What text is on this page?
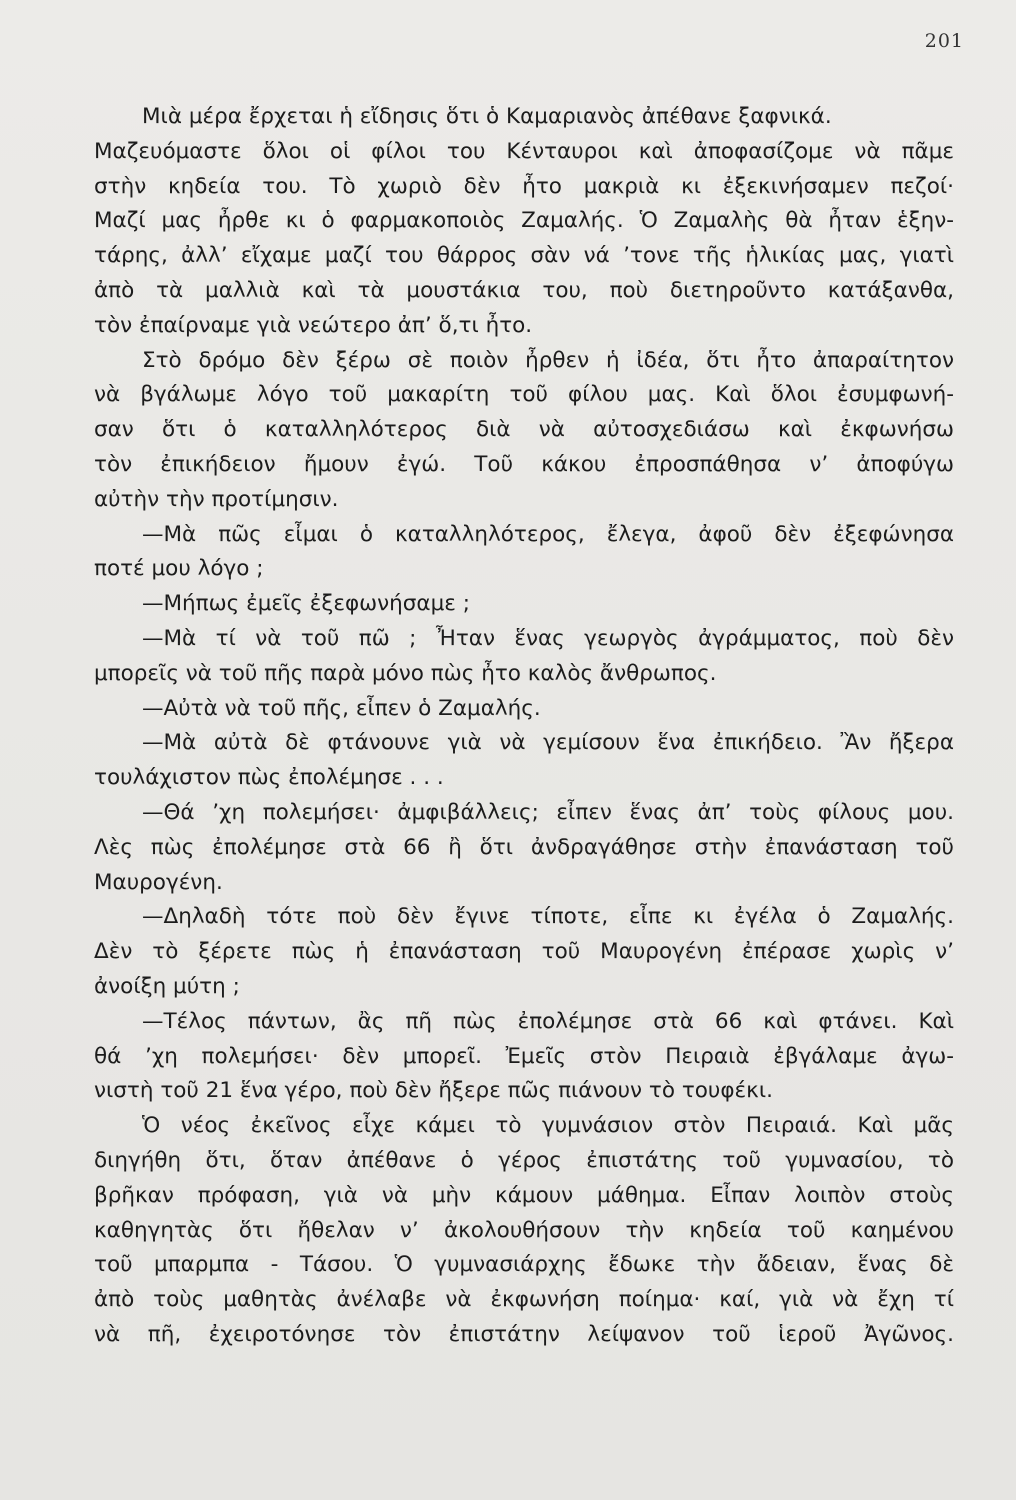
201
Μιὰ μέρα ἔρχεται ἡ εἴδησις ὅτι ὁ Καμαριανὸς ἀπέθανε ξαφνικά.
Μαζευόμαστε ὅλοι οἱ φίλοι του Κένταυροι καὶ ἀποφασίζομε νὰ πᾶμε
στὴν κηδεία του. Τὸ χωριὸ δὲν ἦτο μακριὰ κι ἐξεκινήσαμεν πεζοί·
Μαζί μας ἦρθε κι ὁ φαρμακοποιὸς Ζαμαλής. Ὁ Ζαμαλὴς θὰ ἦταν ἑξην-
τάρης, ἀλλ’ εἴχαμε μαζί του θάρρος σὰν νά ’τονε τῆς ἡλικίας μας, γιατὶ
ἀπὸ τὰ μαλλιὰ καὶ τὰ μουστάκια του, ποὺ διετηροῦντο κατάξανθα,
τὸν ἐπαίρναμε γιὰ νεώτερο ἀπ’ ὅ,τι ἦτο.
Στὸ δρόμο δὲν ξέρω σὲ ποιὸν ἦρθεν ἡ ἰδέα, ὅτι ἦτο ἀπαραίτητον
νὰ βγάλωμε λόγο τοῦ μακαρίτη τοῦ φίλου μας. Καὶ ὅλοι ἐσυμφωνή-
σαν ὅτι ὁ καταλληλότερος διὰ νὰ αὐτοσχεδιάσω καὶ ἐκφωνήσω
τὸν ἐπικήδειον ἤμουν ἐγώ. Τοῦ κάκου ἐπροσπάθησα ν’ ἀποφύγω
αὐτὴν τὴν προτίμησιν.
—Μὰ πῶς εἶμαι ὁ καταλληλότερος, ἔλεγα, ἀφοῦ δὲν ἐξεφώνησα
ποτέ μου λόγο ;
—Μήπως ἐμεῖς ἐξεφωνήσαμε ;
—Μὰ τί νὰ τοῦ πῶ ; Ἦταν ἕνας γεωργὸς ἀγράμματος, ποὺ δὲν
μπορεῖς νὰ τοῦ πῆς παρὰ μόνο πὼς ἦτο καλὸς ἄνθρωπος.
—Αὐτὰ νὰ τοῦ πῆς, εἶπεν ὁ Ζαμαλής.
—Μὰ αὐτὰ δὲ φτάνουνε γιὰ νὰ γεμίσουν ἕνα ἐπικήδειο. Ἂν ἤξερα
τουλάχιστον πὼς ἐπολέμησε . . .
—Θά ’χη πολεμήσει· ἀμφιβάλλεις; εἶπεν ἕνας ἀπ’ τοὺς φίλους μου.
Λὲς πὼς ἐπολέμησε στὰ 66 ἢ ὅτι ἀνδραγάθησε στὴν ἐπανάσταση τοῦ
Μαυρογένη.
—Δηλαδὴ τότε ποὺ δὲν ἔγινε τίποτε, εἶπε κι ἐγέλα ὁ Ζαμαλής.
Δὲν τὸ ξέρετε πὼς ἡ ἐπανάσταση τοῦ Μαυρογένη ἐπέρασε χωρὶς ν’
ἀνοίξη μύτη ;
—Τέλος πάντων, ἂς πῆ πὼς ἐπολέμησε στὰ 66 καὶ φτάνει. Καὶ
θά ’χη πολεμήσει· δὲν μπορεῖ. Ἐμεῖς στὸν Πειραιὰ ἐβγάλαμε ἀγω-
νιστὴ τοῦ 21 ἕνα γέρο, ποὺ δὲν ἤξερε πῶς πιάνουν τὸ τουφέκι.
Ὁ νέος ἐκεῖνος εἶχε κάμει τὸ γυμνάσιον στὸν Πειραιά. Καὶ μᾶς
διηγήθη ὅτι, ὅταν ἀπέθανε ὁ γέρος ἐπιστάτης τοῦ γυμνασίου, τὸ
βρῆκαν πρόφαση, γιὰ νὰ μὴν κάμουν μάθημα. Εἶπαν λοιπὸν στοὺς
καθηγητὰς ὅτι ἤθελαν ν’ ἀκολουθήσουν τὴν κηδεία τοῦ καημένου
τοῦ μπαρμπα - Τάσου. Ὁ γυμνασιάρχης ἔδωκε τὴν ἄδειαν, ἕνας δὲ
ἀπὸ τοὺς μαθητὰς ἀνέλαβε νὰ ἐκφωνήση ποίημα· καί, γιὰ νὰ ἔχη τί
νὰ πῆ, ἐχειροτόνησε τὸν ἐπιστάτην λείψανον τοῦ ἱεροῦ Ἀγῶνος.
